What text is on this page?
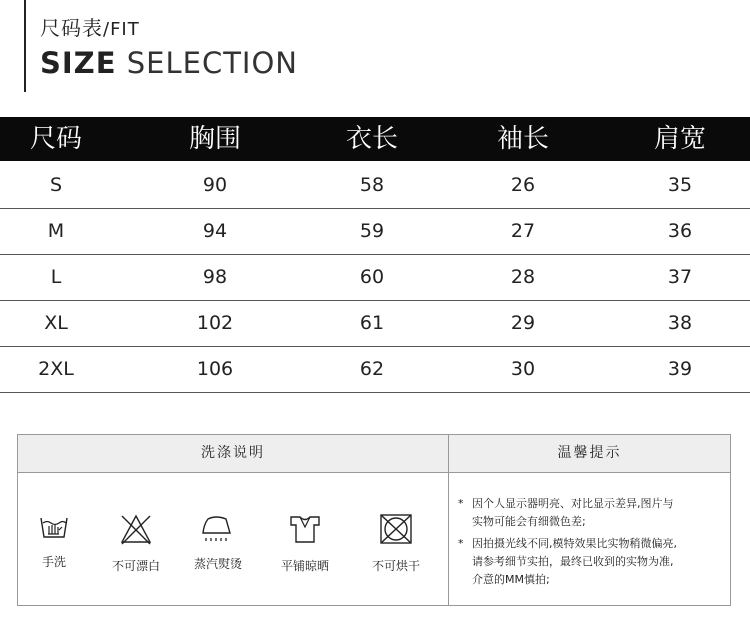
尺码表/FIT
SIZE SELECTION
尺码	胸围	衣长	袖长	肩宽
S	90	58	26	35
M	94	59	27	36
L	98	60	28	37
XL	102	61	29	38
2XL	106	62	30	39
洗涤说明	温馨提示
手洗	不可漂白	蒸汽熨烫	平铺晾晒	不可烘干
* 因个人显示器明亮、对比显示差异,图片与
实物可能会有细微色差;
* 因拍摄光线不同,模特效果比实物稍微偏亮,
请参考细节实拍，最终已收到的实物为准,
介意的MM慎拍;
